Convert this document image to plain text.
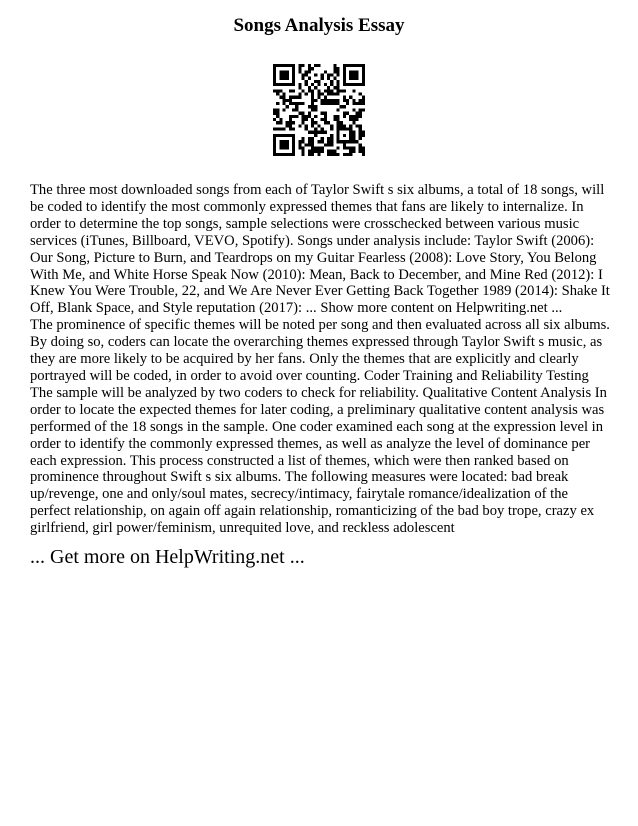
Songs Analysis Essay

The three most downloaded songs from each of Taylor Swift s six albums, a total of 18 songs, will be coded to identify the most commonly expressed themes that fans are likely to internalize. In order to determine the top songs, sample selections were crosschecked between various music services (iTunes, Billboard, VEVO, Spotify). Songs under analysis include: Taylor Swift (2006): Our Song, Picture to Burn, and Teardrops on my Guitar Fearless (2008): Love Story, You Belong With Me, and White Horse Speak Now (2010): Mean, Back to December, and Mine Red (2012): I Knew You Were Trouble, 22, and We Are Never Ever Getting Back Together 1989 (2014): Shake It Off, Blank Space, and Style reputation (2017): ... Show more content on Helpwriting.net ...

The prominence of specific themes will be noted per song and then evaluated across all six albums. By doing so, coders can locate the overarching themes expressed through Taylor Swift s music, as they are more likely to be acquired by her fans. Only the themes that are explicitly and clearly portrayed will be coded, in order to avoid over counting. Coder Training and Reliability Testing The sample will be analyzed by two coders to check for reliability. Qualitative Content Analysis In order to locate the expected themes for later coding, a preliminary qualitative content analysis was performed of the 18 songs in the sample. One coder examined each song at the expression level in order to identify the commonly expressed themes, as well as analyze the level of dominance per each expression. This process constructed a list of themes, which were then ranked based on prominence throughout Swift s six albums. The following measures were located: bad break up/revenge, one and only/soul mates, secrecy/intimacy, fairytale romance/idealization of the perfect relationship, on again off again relationship, romanticizing of the bad boy trope, crazy ex girlfriend, girl power/feminism, unrequited love, and reckless adolescent

... Get more on HelpWriting.net ...
